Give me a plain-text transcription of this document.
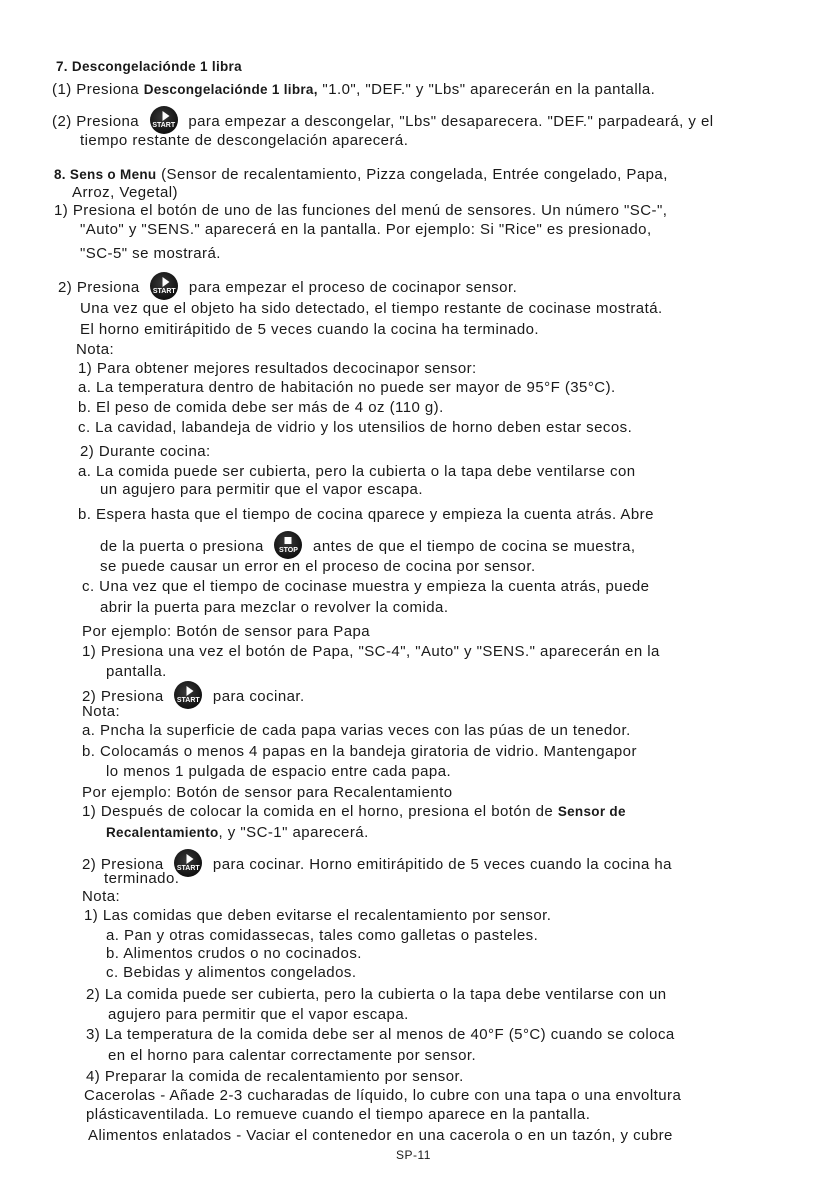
7. Descongelaciónde 1 libra
(1) Presiona Descongelaciónde 1 libra, "1.0", "DEF." y "Lbs" aparecerán en la pantalla.
(2) Presiona	START para empezar a descongelar, "Lbs" desaparecera. "DEF." parpadeará, y el
tiempo restante de descongelación aparecerá.
8. Sens o Menu (Sensor de recalentamiento, Pizza congelada, Entrée congelado, Papa,
Arroz, Vegetal)
1) Presiona el botón de uno de las funciones del menú de sensores. Un número "SC-",
"Auto" y "SENS." aparecerá en la pantalla. Por ejemplo: Si "Rice" es presionado,
"SC-5" se mostrará.
2) Presiona	START para empezar el proceso de cocinapor sensor.
Una vez que el objeto ha sido detectado, el tiempo restante de cocinase mostratá.
El horno emitirápitido de 5 veces cuando la cocina ha terminado.
Nota:
1) Para obtener mejores resultados decocinapor sensor:
a. La temperatura dentro de habitación no puede ser mayor de 95°F (35°C).
b. El peso de comida debe ser más de 4 oz (110 g).
c. La cavidad, labandeja de vidrio y los utensilios de horno deben estar secos.
2) Durante cocina:
a. La comida puede ser cubierta, pero la cubierta o la tapa debe ventilarse con
un agujero para permitir que el vapor escapa.
b. Espera hasta que el tiempo de cocina qparece y empieza la cuenta atrás. Abre
de la puerta o presiona	STOP antes de que el tiempo de cocina se muestra,
se puede causar un error en el proceso de cocina por sensor.
c. Una vez que el tiempo de cocinase muestra y empieza la cuenta atrás, puede
abrir la puerta para mezclar o revolver la comida.
Por ejemplo: Botón de sensor para Papa
1) Presiona una vez el botón de Papa, "SC-4", "Auto" y "SENS." aparecerán en la
pantalla.
2) Presiona	START para cocinar.
Nota:
a. Pncha la superficie de cada papa varias veces con las púas de un tenedor.
b. Colocamás o menos 4 papas en la bandeja giratoria de vidrio. Mantengapor
lo menos 1 pulgada de espacio entre cada papa.
Por ejemplo: Botón de sensor para Recalentamiento
1) Después de colocar la comida en el horno, presiona el botón de Sensor de
Recalentamiento, y "SC-1" aparecerá.
2) Presiona	START para cocinar. Horno emitirápitido de 5 veces cuando la cocina ha
terminado.
Nota:
1) Las comidas que deben evitarse el recalentamiento por sensor.
a. Pan y otras comidassecas, tales como galletas o pasteles.
b. Alimentos crudos o no cocinados.
c. Bebidas y alimentos congelados.
2) La comida puede ser cubierta, pero la cubierta o la tapa debe ventilarse con un
agujero para permitir que el vapor escapa.
3) La temperatura de la comida debe ser al menos de 40°F (5°C) cuando se coloca
en el horno para calentar correctamente por sensor.
4) Preparar la comida de recalentamiento por sensor.
Cacerolas - Añade 2-3 cucharadas de líquido, lo cubre con una tapa o una envoltura
plásticaventilada. Lo remueve cuando el tiempo aparece en la pantalla.
Alimentos enlatados - Vaciar el contenedor en una cacerola o en un tazón, y cubre
SP-11
